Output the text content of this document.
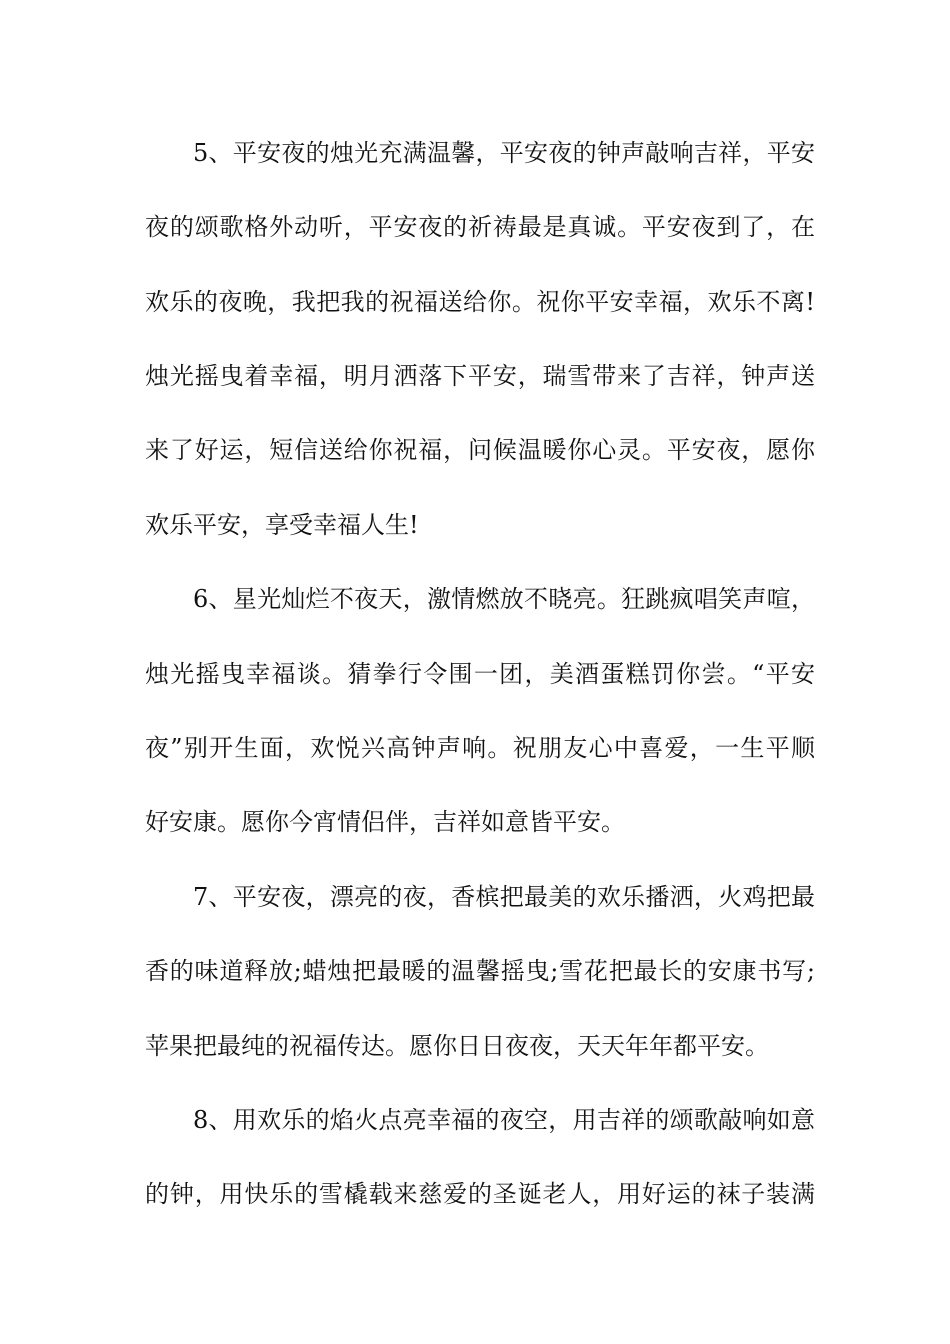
5、平安夜的烛光充满温馨，平安夜的钟声敲响吉祥，平安
夜的颂歌格外动听，平安夜的祈祷最是真诚。平安夜到了，在
欢乐的夜晚，我把我的祝福送给你。祝你平安幸福，欢乐不离!
烛光摇曳着幸福，明月洒落下平安，瑞雪带来了吉祥，钟声送
来了好运，短信送给你祝福，问候温暖你心灵。平安夜，愿你
欢乐平安，享受幸福人生!
6、星光灿烂不夜天，激情燃放不晓亮。狂跳疯唱笑声喧，
烛光摇曳幸福谈。猜拳行令围一团，美酒蛋糕罚你尝。“平安
夜”别开生面，欢悦兴高钟声响。祝朋友心中喜爱，一生平顺
好安康。愿你今宵情侣伴，吉祥如意皆平安。
7、平安夜，漂亮的夜，香槟把最美的欢乐播洒，火鸡把最
香的味道释放;蜡烛把最暖的温馨摇曳;雪花把最长的安康书写;
苹果把最纯的祝福传达。愿你日日夜夜，天天年年都平安。
8、用欢乐的焰火点亮幸福的夜空，用吉祥的颂歌敲响如意
的钟，用快乐的雪橇载来慈爱的圣诞老人，用好运的袜子装满
